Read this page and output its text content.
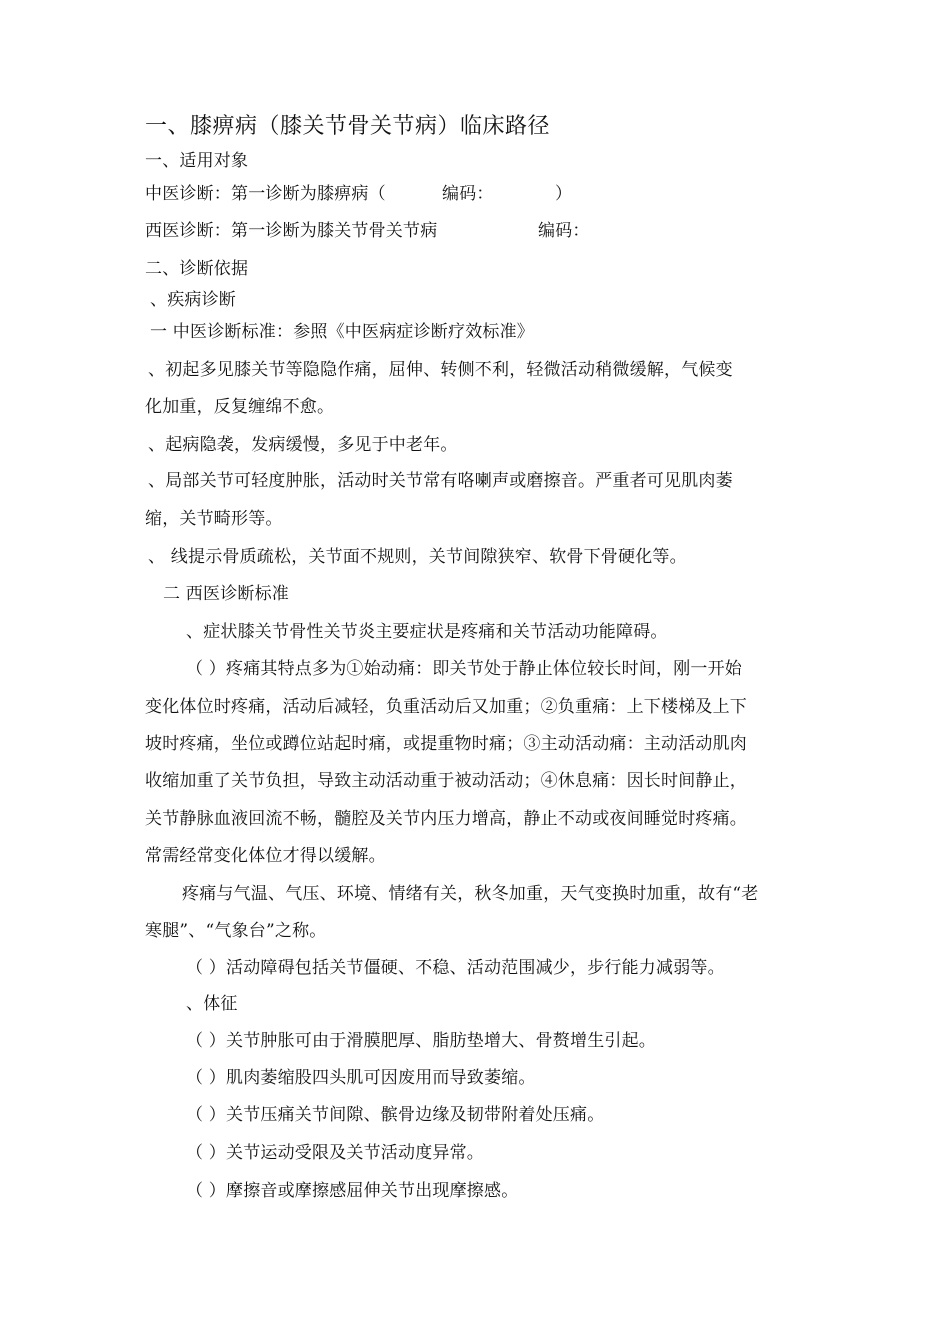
一、膝痹病（膝关节骨关节病）临床路径
一、适用对象
中医诊断：第一诊断为膝痹病（	编码：	）
西医诊断：第一诊断为膝关节骨关节病	编码：
二、诊断依据
、疾病诊断
一 中医诊断标准：参照《中医病症诊断疗效标准》
、初起多见膝关节等隐隐作痛，屈伸、转侧不利，轻微活动稍微缓解，气候变
化加重，反复缠绵不愈。
、起病隐袭，发病缓慢，多见于中老年。
、局部关节可轻度肿胀，活动时关节常有咯喇声或磨擦音。严重者可见肌肉萎
缩，关节畸形等。
、 线提示骨质疏松，关节面不规则，关节间隙狭窄、软骨下骨硬化等。
二 西医诊断标准
、症状膝关节骨性关节炎主要症状是疼痛和关节活动功能障碍。
（ ）疼痛其特点多为①始动痛：即关节处于静止体位较长时间，刚一开始
变化体位时疼痛，活动后减轻，负重活动后又加重；②负重痛：上下楼梯及上下
坡时疼痛，坐位或蹲位站起时痛，或提重物时痛；③主动活动痛：主动活动肌肉
收缩加重了关节负担，导致主动活动重于被动活动；④休息痛：因长时间静止，
关节静脉血液回流不畅，髓腔及关节内压力增高，静止不动或夜间睡觉时疼痛。
常需经常变化体位才得以缓解。
疼痛与气温、气压、环境、情绪有关，秋冬加重，天气变换时加重，故有“老
寒腿”、“气象台”之称。
（ ）活动障碍包括关节僵硬、不稳、活动范围减少，步行能力减弱等。
、体征
（ ）关节肿胀可由于滑膜肥厚、脂肪垫增大、骨赘增生引起。
（ ）肌肉萎缩股四头肌可因废用而导致萎缩。
（ ）关节压痛关节间隙、髌骨边缘及韧带附着处压痛。
（ ）关节运动受限及关节活动度异常。
（ ）摩擦音或摩擦感屈伸关节出现摩擦感。
